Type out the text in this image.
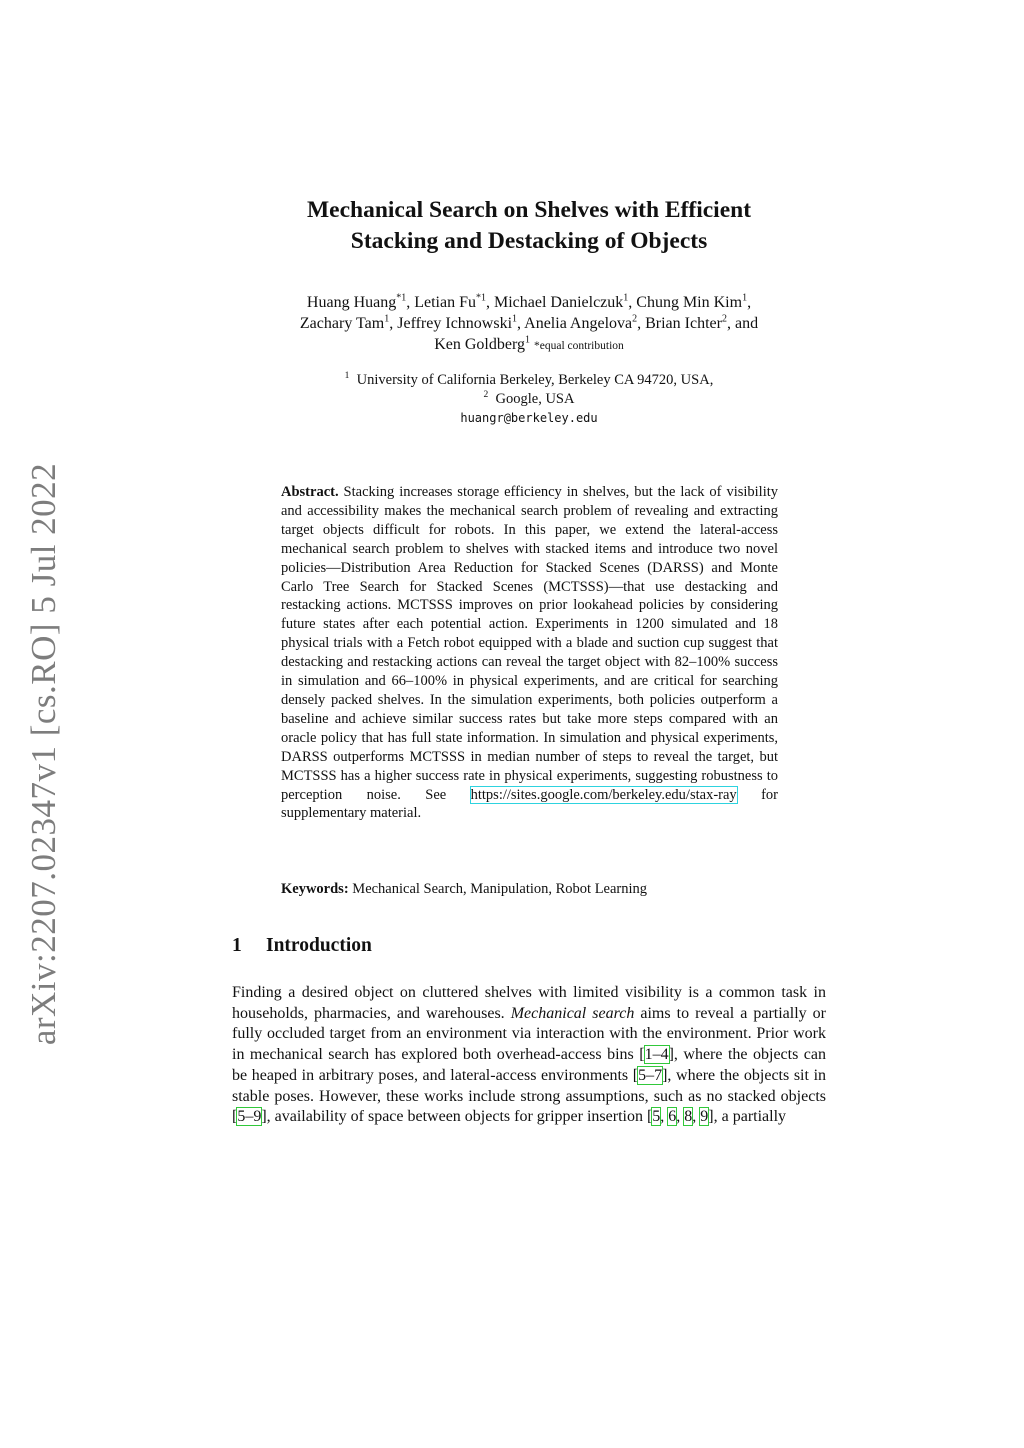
arXiv:2207.02347v1 [cs.RO] 5 Jul 2022
Mechanical Search on Shelves with Efficient
Stacking and Destacking of Objects
Huang Huang$^{*1}$, Letian Fu$^{*1}$, Michael Danielczuk$^1$, Chung Min Kim$^1$,
Zachary Tam$^1$, Jeffrey Ichnowski$^1$, Anelia Angelova$^2$, Brian Ichter$^2$, and
Ken Goldberg$^1$ *equal contribution
$^1$ University of California Berkeley, Berkeley CA 94720, USA,
$^2$ Google, USA
huangr@berkeley.edu
Abstract. Stacking increases storage efficiency in shelves, but the lack of visibility and accessibility makes the mechanical search problem of revealing and extracting target objects difficult for robots. In this paper, we extend the lateral-access mechanical search problem to shelves with stacked items and introduce two novel policies—Distribution Area Reduction for Stacked Scenes (DARSS) and Monte Carlo Tree Search for Stacked Scenes (MCTSSS)—that use destacking and restacking actions. MCTSSS improves on prior lookahead policies by considering future states after each potential action. Experiments in 1200 simulated and 18 physical trials with a Fetch robot equipped with a blade and suction cup suggest that destacking and restacking actions can reveal the target object with 82–100% success in simulation and 66–100% in physical experiments, and are critical for searching densely packed shelves. In the simulation experiments, both policies outperform a baseline and achieve similar success rates but take more steps compared with an oracle policy that has full state information. In simulation and physical experiments, DARSS outperforms MCTSSS in median number of steps to reveal the target, but MCTSSS has a higher success rate in physical experiments, suggesting robustness to perception noise. See https://sites.google.com/berkeley.edu/stax-ray for supplementary material.
Keywords: Mechanical Search, Manipulation, Robot Learning
1 Introduction
Finding a desired object on cluttered shelves with limited visibility is a common task in households, pharmacies, and warehouses. Mechanical search aims to reveal a partially or fully occluded target from an environment via interaction with the environment. Prior work in mechanical search has explored both overhead-access bins [1–4], where the objects can be heaped in arbitrary poses, and lateral-access environments [5–7], where the objects sit in stable poses. However, these works include strong assumptions, such as no stacked objects [5–9], availability of space between objects for gripper insertion [5, 6, 8, 9], a partially
